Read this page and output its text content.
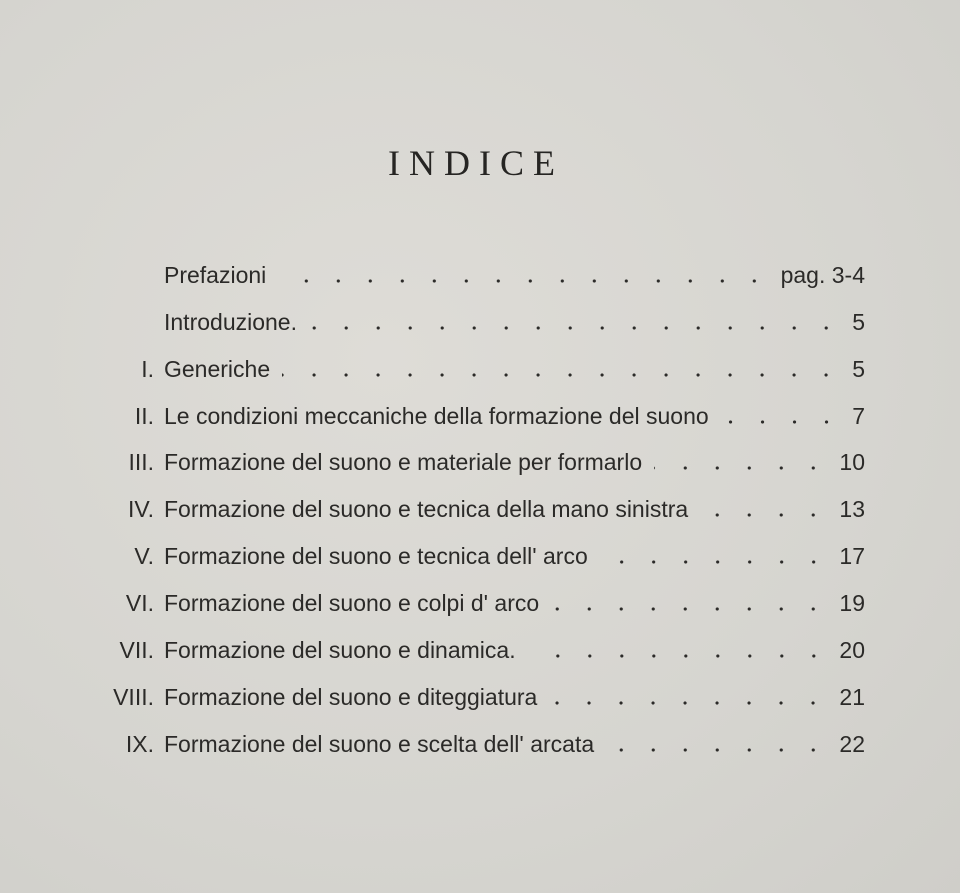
INDICE
Prefazioni	pag. 3-4
Introduzione.	5
I. Generiche	5
II. Le condizioni meccaniche della formazione del suono	7
III. Formazione del suono e materiale per formarlo	10
IV. Formazione del suono e tecnica della mano sinistra	13
V. Formazione del suono e tecnica dell' arco	17
VI. Formazione del suono e colpi d' arco	19
VII. Formazione del suono e dinamica.	20
VIII. Formazione del suono e diteggiatura	21
IX. Formazione del suono e scelta dell' arcata	22
